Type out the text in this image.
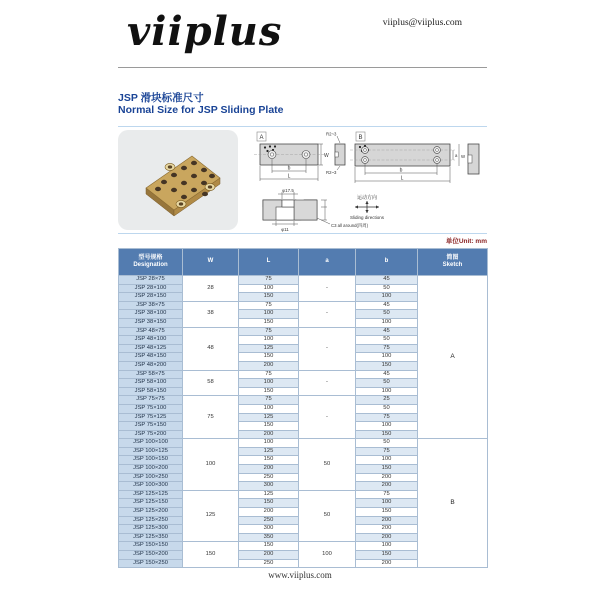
viiplus	viiplus@viiplus.com
JSP 滑块标准尺寸
Normal Size for JSP Sliding Plate
A
W
b
L
R2~3
R2~3
B
a W
b
L
φ17.5
φ11
C3 all around(四周)
运动方向
Sliding directions
单位Unit: mm
型号规格
Designation	W	L	a	b	简图
Sketch

JSP 28×75	28	75	-	45	A
JSP 28×100		100		50	
JSP 28×150		150		100	
JSP 38×75	38	75	-	45	
JSP 38×100		100		50	
JSP 38×150		150		100	
JSP 48×75	48	75	-	45	
JSP 48×100		100		50	
JSP 48×125		125		75	
JSP 48×150		150		100	
JSP 48×200		200		150	
JSP 58×75	58	75	-	45	
JSP 58×100		100		50	
JSP 58×150		150		100	
JSP 75×75	75	75	-	25	
JSP 75×100		100		50	
JSP 75×125		125		75	
JSP 75×150		150		100	
JSP 75×200		200		150	
JSP 100×100	100	100	50	50	B
JSP 100×125		125		75	
JSP 100×150		150		100	
JSP 100×200		200		150	
JSP 100×250		250		200	
JSP 100×300		300		200	
JSP 125×125	125	125	50	75	
JSP 125×150		150		100	
JSP 125×200		200		150	
JSP 125×250		250		200	
JSP 125×300		300		200	
JSP 125×350		350		200	
JSP 150×150	150	150	100	100	
JSP 150×200		200		150	
JSP 150×250		250		200	
www.viiplus.com
